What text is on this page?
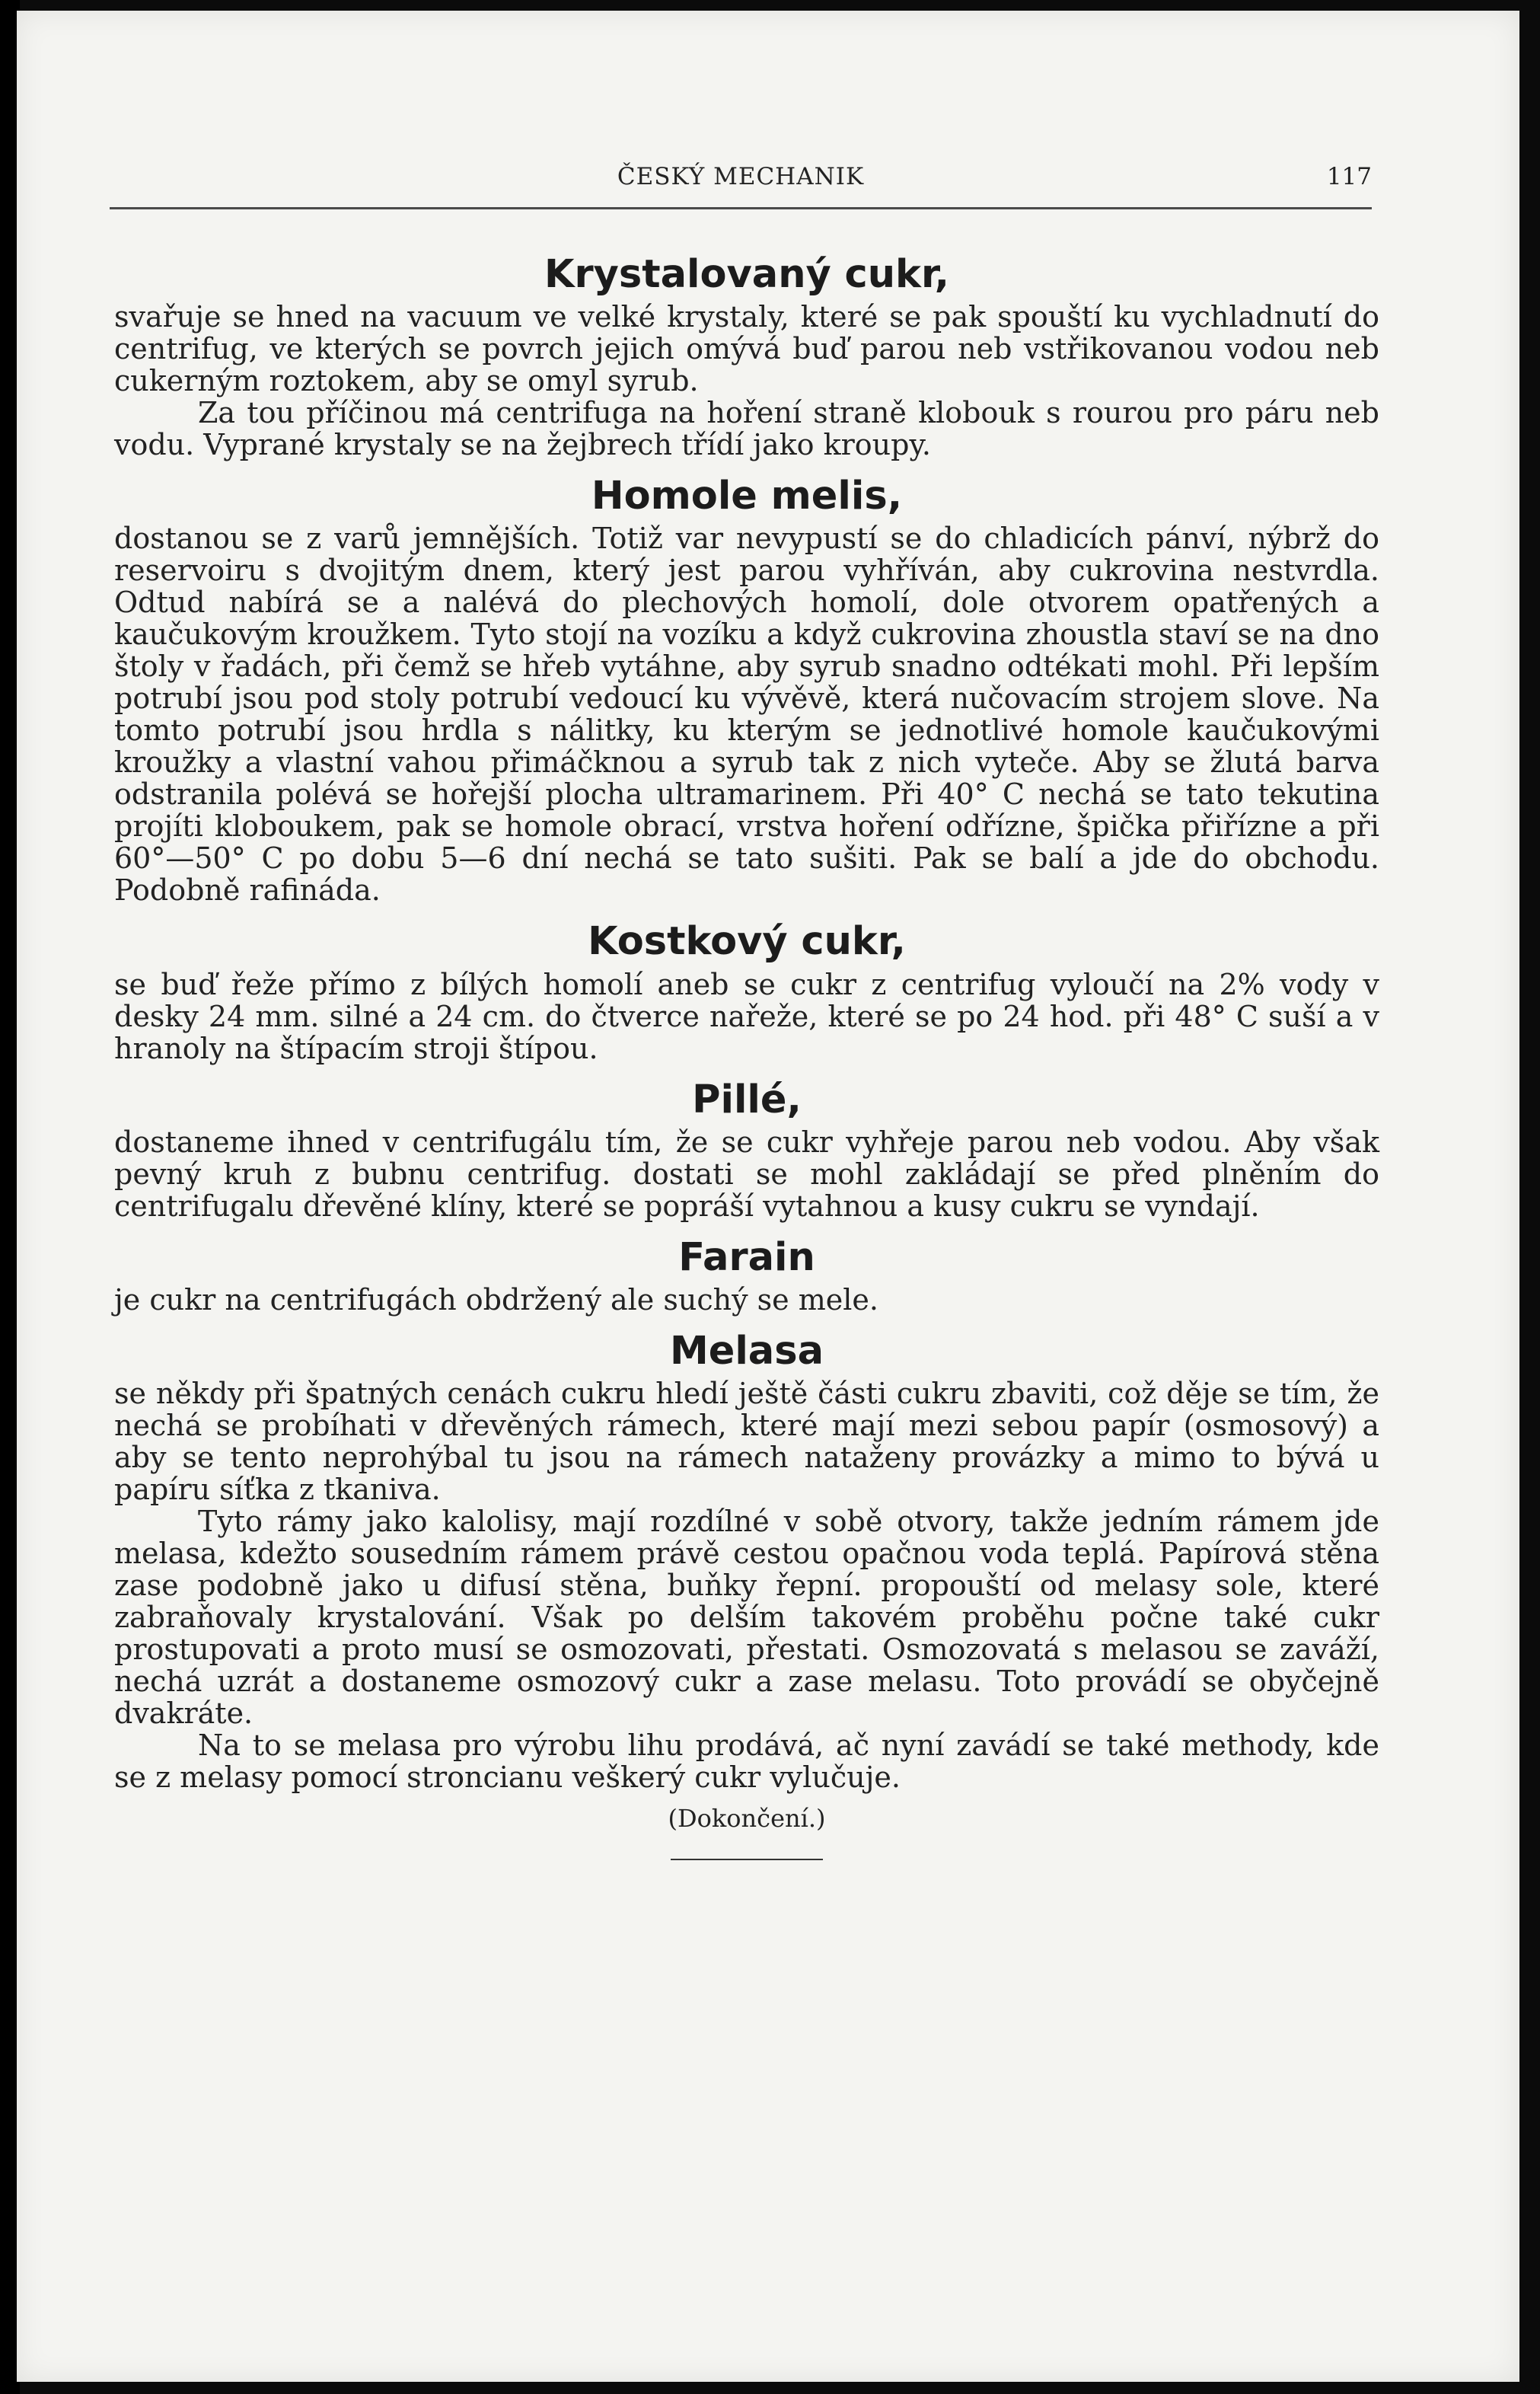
ČESKÝ MECHANIK	117
Krystalovaný cukr,

svařuje se hned na vacuum ve velké krystaly, které se pak spouští ku vychladnutí do centrifug, ve kterých se povrch jejich omývá buď parou neb vstřikovanou vodou neb cukerným roztokem, aby se omyl syrub.

Za tou příčinou má centrifuga na hoření straně klobouk s rourou pro páru neb vodu. Vyprané krystaly se na žejbrech třídí jako kroupy.

Homole melis,

dostanou se z varů jemnějších. Totiž var nevypustí se do chladicích pánví, nýbrž do reservoiru s dvojitým dnem, který jest parou vyhříván, aby cukrovina nestvrdla. Odtud nabírá se a nalévá do plechových homolí, dole otvorem opatřených a kaučukovým kroužkem. Tyto stojí na vozíku a když cukrovina zhoustla staví se na dno štoly v řadách, při čemž se hřeb vytáhne, aby syrub snadno odtékati mohl. Při lepším potrubí jsou pod stoly potrubí vedoucí ku vývěvě, která nučovacím strojem slove. Na tomto potrubí jsou hrdla s nálitky, ku kterým se jednotlivé homole kaučukovými kroužky a vlastní vahou přimáčknou a syrub tak z nich vyteče. Aby se žlutá barva odstranila polévá se hořejší plocha ultramarinem. Při 40° C nechá se tato tekutina projíti kloboukem, pak se homole obrací, vrstva hoření odřízne, špička přiřízne a při 60°—50° C po dobu 5—6 dní nechá se tato sušiti. Pak se balí a jde do obchodu. Podobně rafináda.

Kostkový cukr,

se buď řeže přímo z bílých homolí aneb se cukr z centrifug vyloučí na 2% vody v desky 24 mm. silné a 24 cm. do čtverce nařeže, které se po 24 hod. při 48° C suší a v hranoly na štípacím stroji štípou.

Pillé,

dostaneme ihned v centrifugálu tím, že se cukr vyhřeje parou neb vodou. Aby však pevný kruh z bubnu centrifug. dostati se mohl zakládají se před plněním do centrifugalu dřevěné klíny, které se popráší vytahnou a kusy cukru se vyndají.

Farain

je cukr na centrifugách obdržený ale suchý se mele.

Melasa

se někdy při špatných cenách cukru hledí ještě části cukru zbaviti, což děje se tím, že nechá se probíhati v dřevěných rámech, které mají mezi sebou papír (osmosový) a aby se tento neprohýbal tu jsou na rámech nataženy provázky a mimo to bývá u papíru síťka z tkaniva.

Tyto rámy jako kalolisy, mají rozdílné v sobě otvory, takže jedním rámem jde melasa, kdežto sousedním rámem právě cestou opačnou voda teplá. Papírová stěna zase podobně jako u difusí stěna, buňky řepní. propouští od melasy sole, které zabraňovaly krystalování. Však po delším takovém proběhu počne také cukr prostupovati a proto musí se osmozovati, přestati. Osmozovatá s melasou se zaváží, nechá uzrát a dostaneme osmozový cukr a zase melasu. Toto provádí se obyčejně dvakráte.

Na to se melasa pro výrobu lihu prodává, ač nyní zavádí se také methody, kde se z melasy pomocí stroncianu veškerý cukr vylučuje.

(Dokončení.)
